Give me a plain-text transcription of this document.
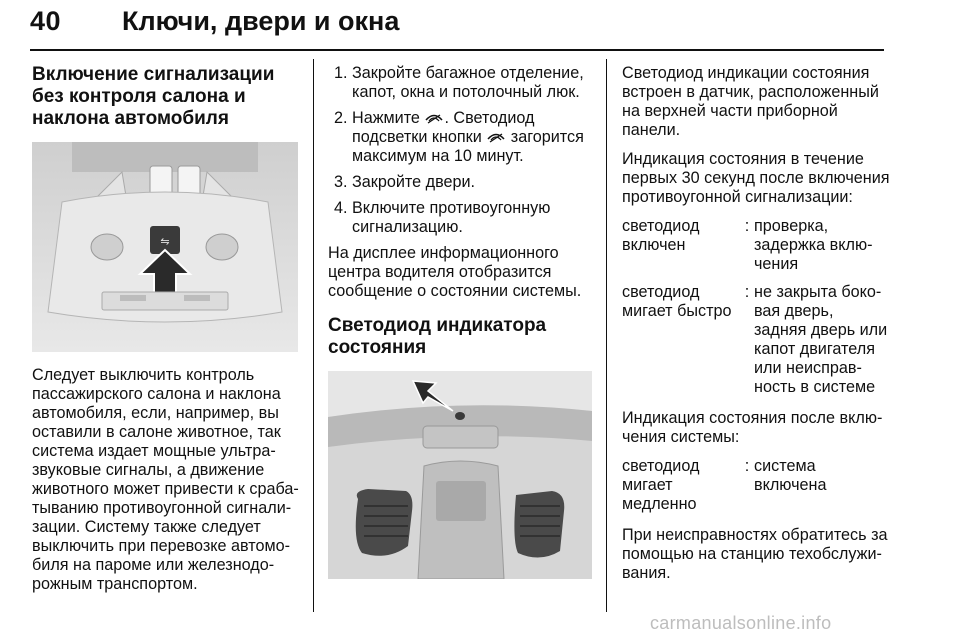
40 Ключи, двери и окна
Включение сигнализации без контроля салона и наклона автомобиля
⇋

Следует выключить контроль пассажирского салона и наклона автомобиля, если, например, вы оставили в салоне животное, так система издает мощные ультра-звуковые сигналы, а движение животного может привести к сраба-тыванию противоугонной сигнали-зации. Систему также следует выключить при перевозке автомо-биля на пароме или железнодо-рожным транспортом.

1. Закройте багажное отделение, капот, окна и потолочный люк.
2. Нажмите . Светодиод подсветки кнопки  загорится максимум на 10 минут.
3. Закройте двери.
4. Включите противоугонную сигнализацию.

На дисплее информационного центра водителя отобразится сообщение о состоянии системы.

Светодиод индикатора состояния

Светодиод индикации состояния встроен в датчик, расположенный на верхней части приборной панели.

Индикация состояния в течение первых 30 секунд после включения противоугонной сигнализации:

светодиод включен
: проверка, задержка вклю-чения
светодиод мигает быстро
: не закрыта боко-вая дверь, задняя дверь или капот двигателя или неисправ-ность в системе

Индикация состояния после вклю-чения системы:

светодиод мигает медленно
: система включена

При неисправностях обратитесь за помощью на станцию техобслужи-вания.

carmanualsonline.info
